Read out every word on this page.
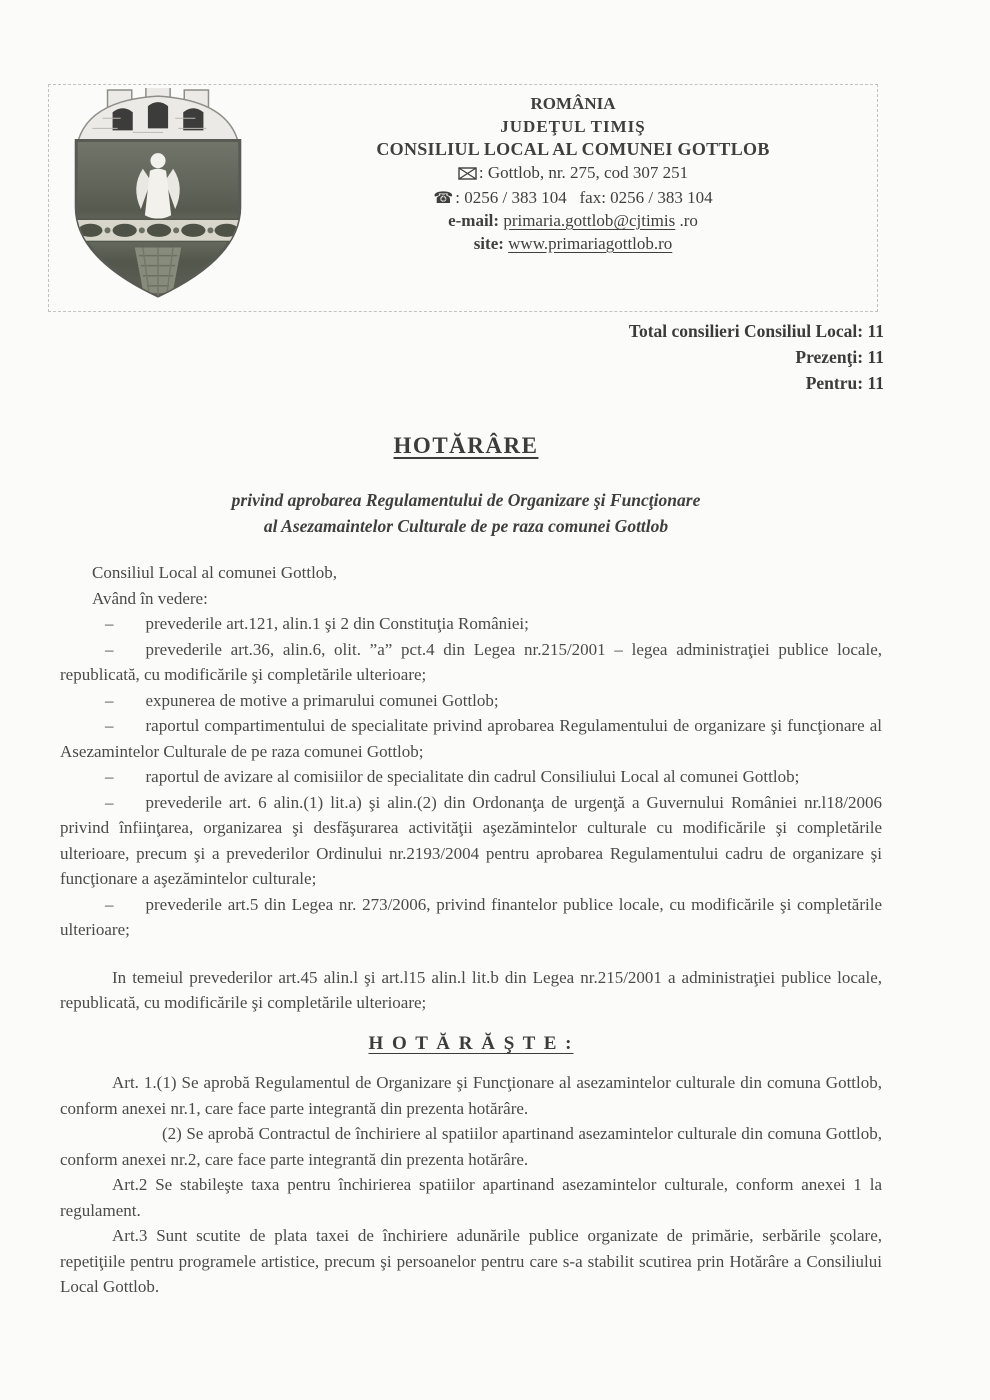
ROMÂNIA
JUDEŢUL TIMIŞ
CONSILIUL LOCAL AL COMUNEI GOTTLOB
: Gottlob, nr. 275, cod 307 251
☎ : 0256 / 383 104 fax: 0256 / 383 104
e-mail: primaria.gottlob@cjtimis .ro
site: www.primariagottlob.ro
Total consilieri Consiliul Local: 11
Prezenţi: 11
Pentru: 11
HOTĂRÂRE
privind aprobarea Regulamentului de Organizare şi Funcţionare
al Asezamaintelor Culturale de pe raza comunei Gottlob

Consiliul Local al comunei Gottlob,

Având în vedere:

– prevederile art.121, alin.1 şi 2 din Constituţia României;

– prevederile art.36, alin.6, olit. ”a” pct.4 din Legea nr.215/2001 – legea administraţiei publice locale, republicată, cu modificările şi completările ulterioare;

– expunerea de motive a primarului comunei Gottlob;

– raportul compartimentului de specialitate privind aprobarea Regulamentului de organizare şi funcţionare al Asezamintelor Culturale de pe raza comunei Gottlob;

– raportul de avizare al comisiilor de specialitate din cadrul Consiliului Local al comunei Gottlob;

– prevederile art. 6 alin.(1) lit.a) şi alin.(2) din Ordonanţa de urgenţă a Guvernului României nr.l18/2006 privind înfiinţarea, organizarea şi desfăşurarea activităţii aşezămintelor culturale cu modificările şi completările ulterioare, precum şi a prevederilor Ordinului nr.2193/2004 pentru aprobarea Regulamentului cadru de organizare şi funcţionare a aşezămintelor culturale;

– prevederile art.5 din Legea nr. 273/2006, privind finantelor publice locale, cu modificările şi completările ulterioare;

In temeiul prevederilor art.45 alin.l şi art.l15 alin.l lit.b din Legea nr.215/2001 a administraţiei publice locale, republicată, cu modificările şi completările ulterioare;

H O T Ă R Ă Ş T E :

Art. 1.(1) Se aprobă Regulamentul de Organizare şi Funcţionare al asezamintelor culturale din comuna Gottlob, conform anexei nr.1, care face parte integrantă din prezenta hotărâre.

(2) Se aprobă Contractul de închiriere al spatiilor apartinand asezamintelor culturale din comuna Gottlob, conform anexei nr.2, care face parte integrantă din prezenta hotărâre.

Art.2 Se stabileşte taxa pentru închirierea spatiilor apartinand asezamintelor culturale, conform anexei 1 la regulament.

Art.3 Sunt scutite de plata taxei de închiriere adunările publice organizate de primărie, serbările şcolare, repetiţiile pentru programele artistice, precum şi persoanelor pentru care s-a stabilit scutirea prin Hotărâre a Consiliului Local Gottlob.
